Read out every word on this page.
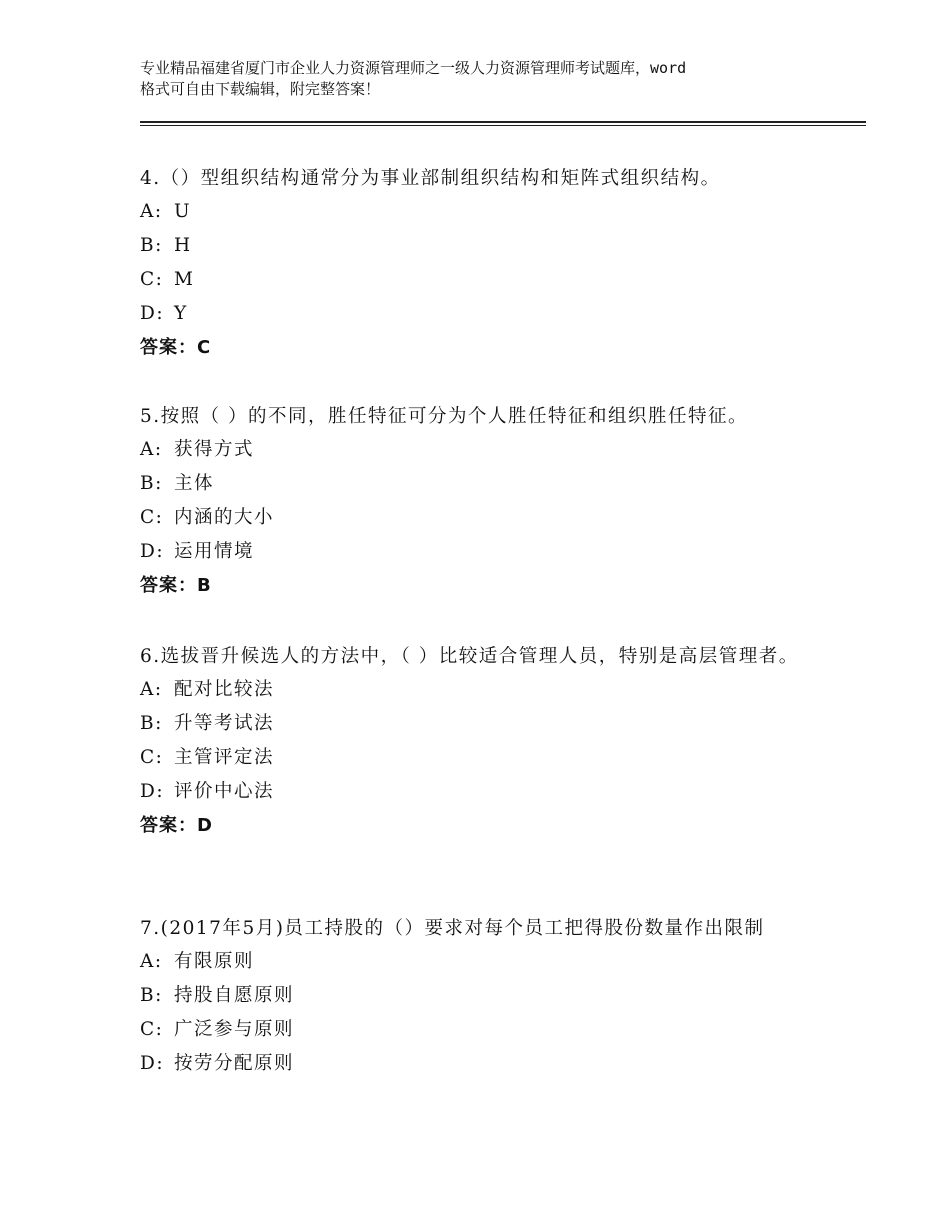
专业精品福建省厦门市企业人力资源管理师之一级人力资源管理师考试题库，word
格式可自由下载编辑，附完整答案！

4.（）型组织结构通常分为事业部制组织结构和矩阵式组织结构。

A: U
B: H
C: M
D: Y
答案：C

5.按照（ ）的不同，胜任特征可分为个人胜任特征和组织胜任特征。

A: 获得方式
B: 主体
C: 内涵的大小
D: 运用情境
答案：B

6.选拔晋升候选人的方法中，（ ）比较适合管理人员，特别是高层管理者。

A: 配对比较法
B: 升等考试法
C: 主管评定法
D: 评价中心法
答案：D

7.(2017年5月)员工持股的（）要求对每个员工把得股份数量作出限制

A: 有限原则
B: 持股自愿原则
C: 广泛参与原则
D: 按劳分配原则
